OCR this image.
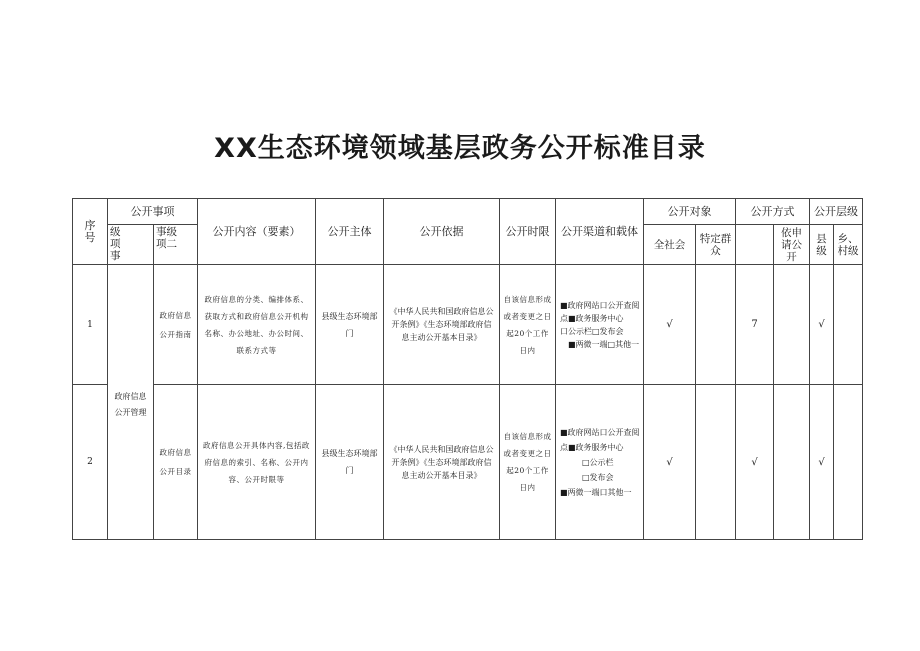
XX生态环境领域基层政务公开标准目录
序号	公开事项		公开内容（要素）	公开主体	公开依据	公开时限	公开渠道和载体	公开对象		公开方式		公开层级	

	级项事	事级项二						全社会	特定群众		依申请公开	县级	乡、村级
1	政府信息公开管理	政府信息公开指南	政府信息的分类、编排体系、获取方式和政府信息公开机构名称、办公地址、办公时间、联系方式等	县级生态环境部门	《中华人民共和国政府信息公开条例》《生态环境部政府信息主动公开基本目录》	自该信息形成或者变更之日起20个工作日内	■政府网站口公开查阅点■政务服务中心
口公示栏□发布会
■两微一端□其他一	√		7		√	
2		政府信息公开目录	政府信息公开具体内容,包括政府信息的索引、名称、公开内容、公开时限等	县级生态环境部门	《中华人民共和国政府信息公开条例》《生态环境部政府信息主动公开基本目录》	自该信息形成或者变更之日起20个工作日内	■政府网站口公开查阅点■政务服务中心
□公示栏
□发布会
■两微一端口其他一	√		√		√	
